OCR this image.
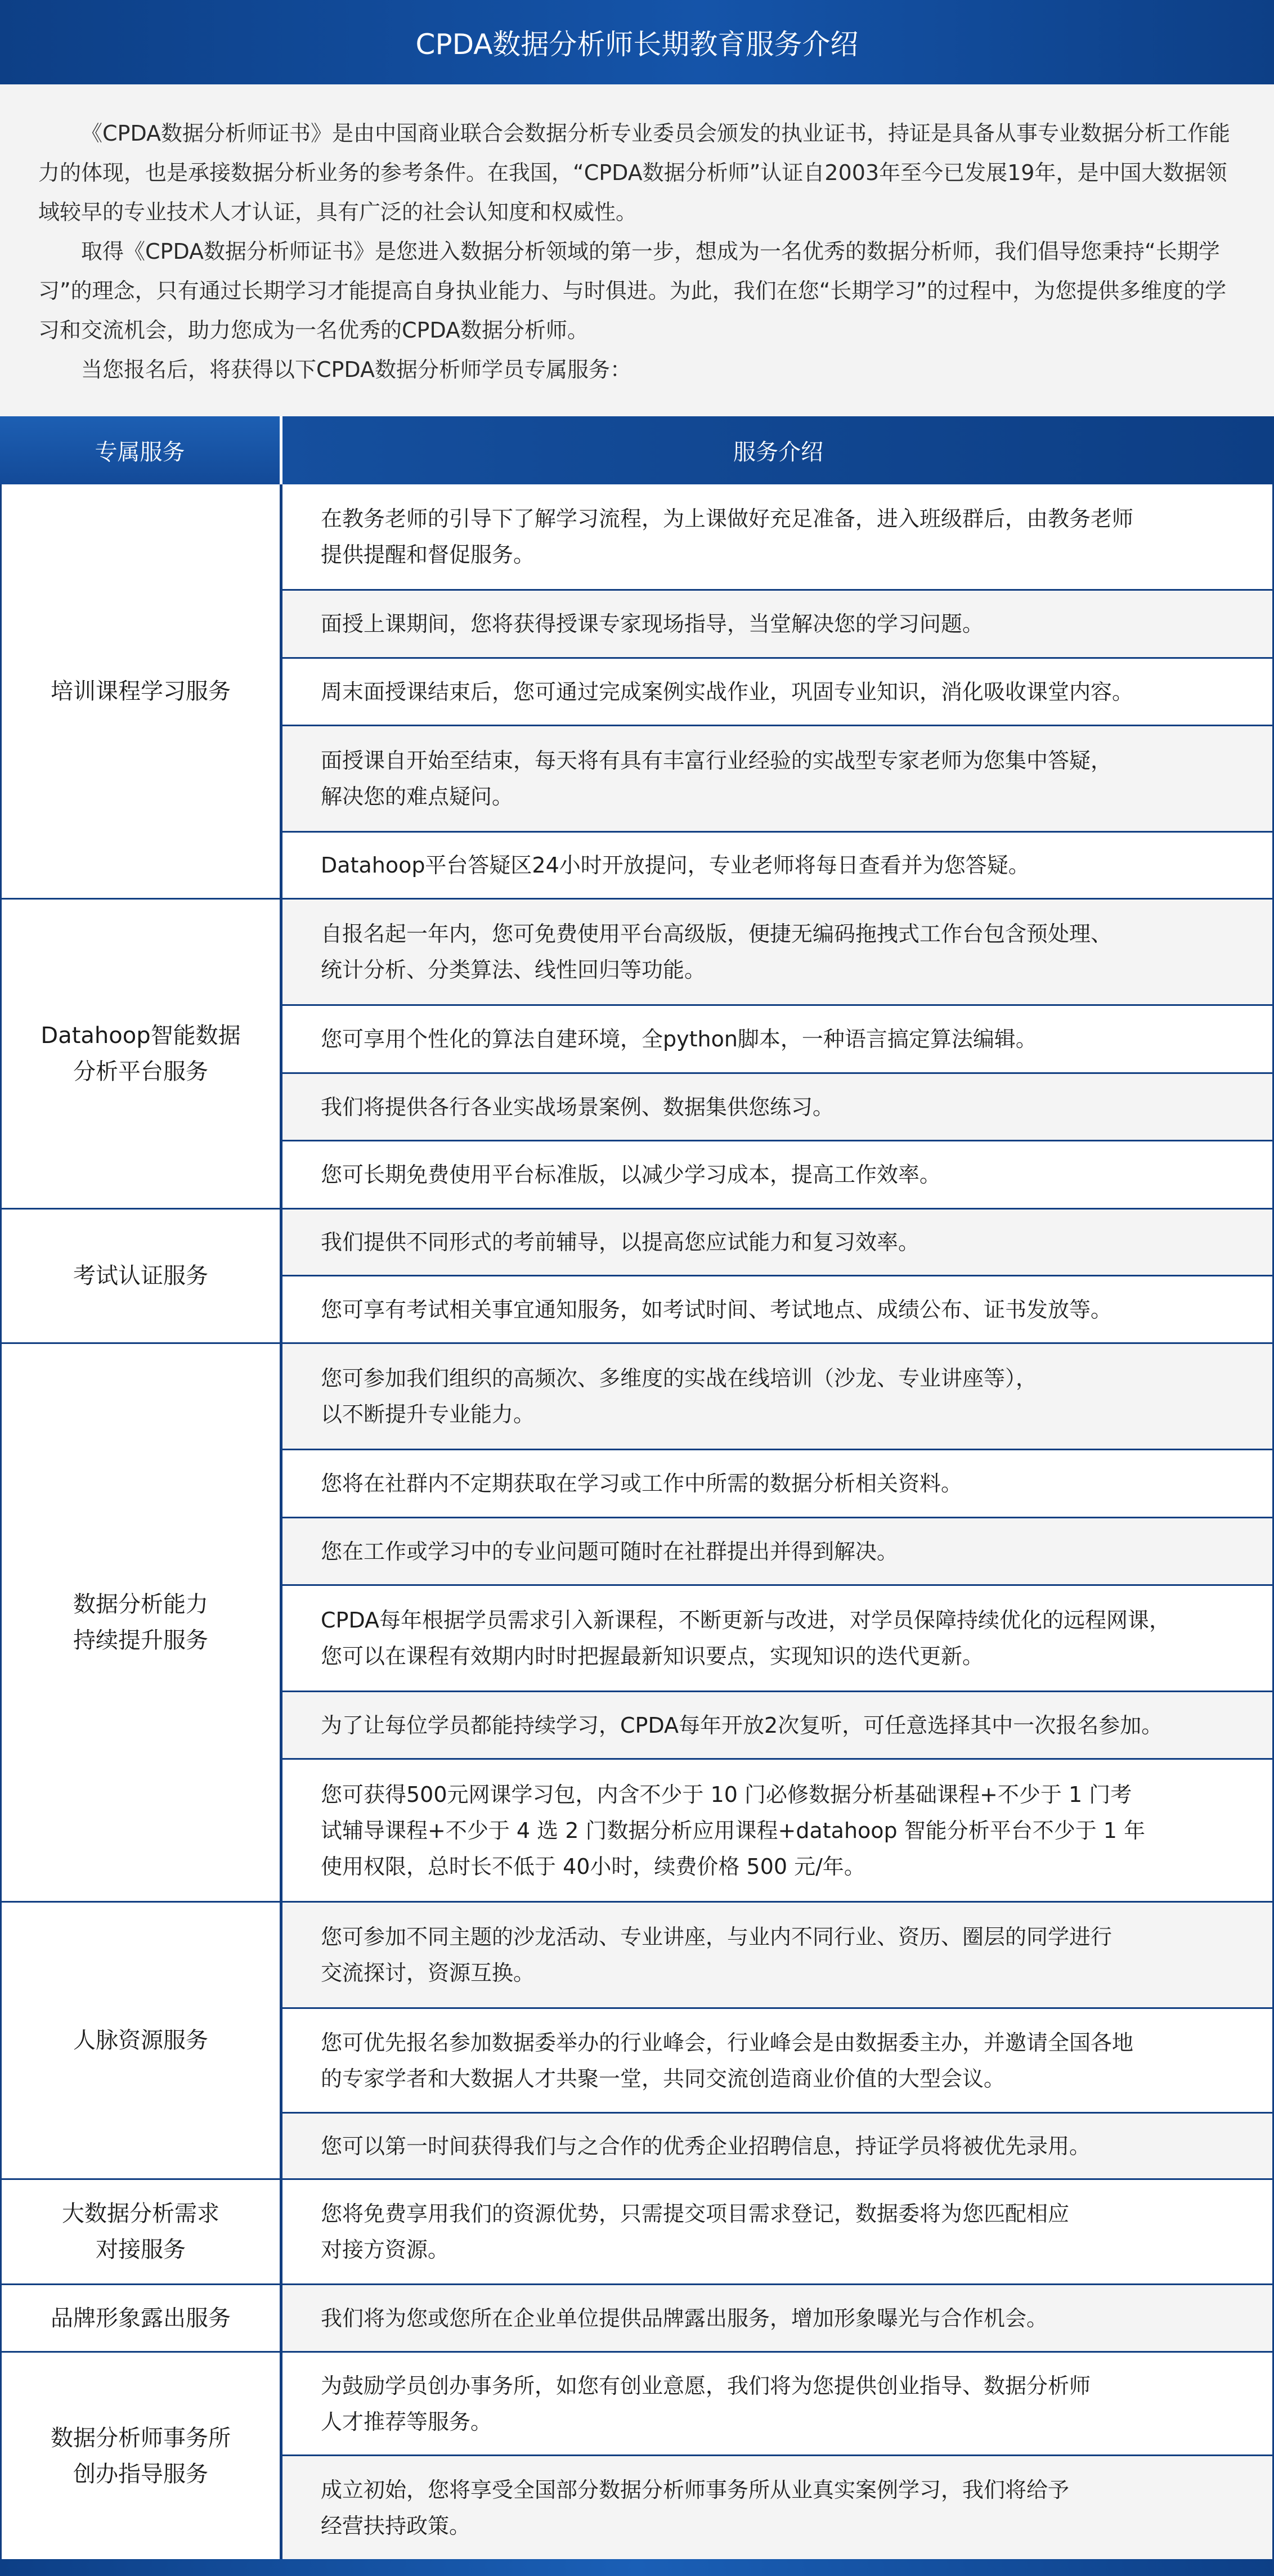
CPDA数据分析师长期教育服务介绍

《CPDA数据分析师证书》是由中国商业联合会数据分析专业委员会颁发的执业证书，持证是具备从事专业数据分析工作能力的体现，也是承接数据分析业务的参考条件。在我国，“CPDA数据分析师”认证自2003年至今已发展19年，是中国大数据领域较早的专业技术人才认证，具有广泛的社会认知度和权威性。

取得《CPDA数据分析师证书》是您进入数据分析领域的第一步，想成为一名优秀的数据分析师，我们倡导您秉持“长期学习”的理念，只有通过长期学习才能提高自身执业能力、与时俱进。为此，我们在您“长期学习”的过程中，为您提供多维度的学习和交流机会，助力您成为一名优秀的CPDA数据分析师。

当您报名后，将获得以下CPDA数据分析师学员专属服务：

专属服务	服务介绍
培训课程学习服务
在教务老师的引导下了解学习流程，为上课做好充足准备，进入班级群后，由教务老师
提供提醒和督促服务。
面授上课期间，您将获得授课专家现场指导，当堂解决您的学习问题。
周末面授课结束后，您可通过完成案例实战作业，巩固专业知识，消化吸收课堂内容。
面授课自开始至结束，每天将有具有丰富行业经验的实战型专家老师为您集中答疑，
解决您的难点疑问。
Datahoop平台答疑区24小时开放提问，专业老师将每日查看并为您答疑。
Datahoop智能数据
分析平台服务
自报名起一年内，您可免费使用平台高级版，便捷无编码拖拽式工作台包含预处理、
统计分析、分类算法、线性回归等功能。
您可享用个性化的算法自建环境，全python脚本，一种语言搞定算法编辑。
我们将提供各行各业实战场景案例、数据集供您练习。
您可长期免费使用平台标准版，以减少学习成本，提高工作效率。
考试认证服务
我们提供不同形式的考前辅导，以提高您应试能力和复习效率。
您可享有考试相关事宜通知服务，如考试时间、考试地点、成绩公布、证书发放等。
数据分析能力
持续提升服务
您可参加我们组织的高频次、多维度的实战在线培训（沙龙、专业讲座等），
以不断提升专业能力。
您将在社群内不定期获取在学习或工作中所需的数据分析相关资料。
您在工作或学习中的专业问题可随时在社群提出并得到解决。
CPDA每年根据学员需求引入新课程，不断更新与改进，对学员保障持续优化的远程网课，
您可以在课程有效期内时时把握最新知识要点，实现知识的迭代更新。
为了让每位学员都能持续学习，CPDA每年开放2次复听，可任意选择其中一次报名参加。
您可获得500元网课学习包，内含不少于 10 门必修数据分析基础课程+不少于 1 门考
试辅导课程+不少于 4 选 2 门数据分析应用课程+datahoop 智能分析平台不少于 1 年
使用权限，总时长不低于 40小时，续费价格 500 元/年。
人脉资源服务
您可参加不同主题的沙龙活动、专业讲座，与业内不同行业、资历、圈层的同学进行
交流探讨，资源互换。
您可优先报名参加数据委举办的行业峰会，行业峰会是由数据委主办，并邀请全国各地
的专家学者和大数据人才共聚一堂，共同交流创造商业价值的大型会议。
您可以第一时间获得我们与之合作的优秀企业招聘信息，持证学员将被优先录用。
大数据分析需求
对接服务
您将免费享用我们的资源优势，只需提交项目需求登记，数据委将为您匹配相应
对接方资源。
品牌形象露出服务	我们将为您或您所在企业单位提供品牌露出服务，增加形象曝光与合作机会。
数据分析师事务所
创办指导服务
为鼓励学员创办事务所，如您有创业意愿，我们将为您提供创业指导、数据分析师
人才推荐等服务。
成立初始，您将享受全国部分数据分析师事务所从业真实案例学习，我们将给予
经营扶持政策。
